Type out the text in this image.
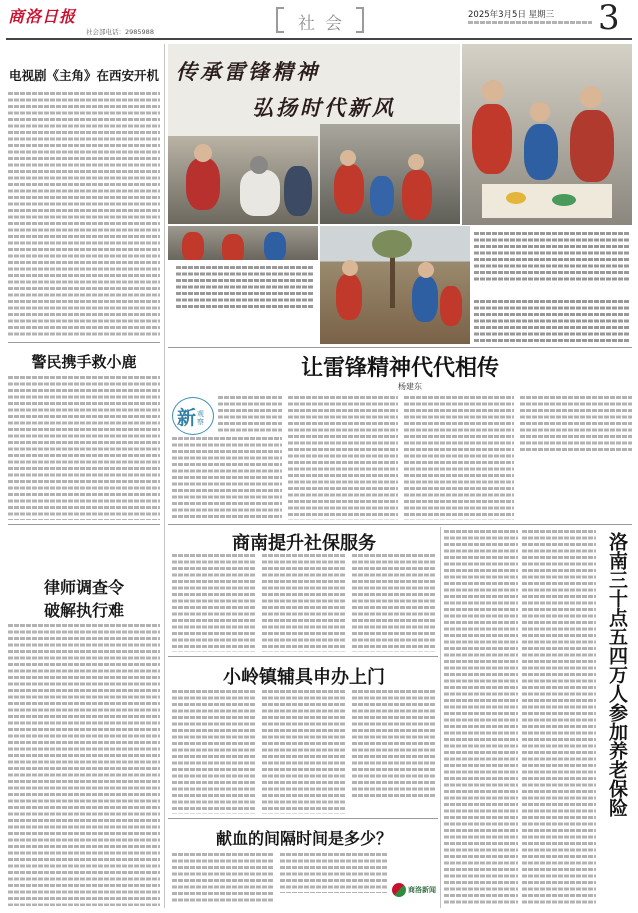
商洛日报
社会部电话：2985988	社会	2025年3月5日 星期三 3
电视剧《主角》在西安开机
警民携手救小鹿
律师调查令
破解执行难
传承雷锋精神
弘扬时代新风
让雷锋精神代代相传
杨建东
新 观察
商南提升社保服务
小岭镇辅具申办上门
献血的间隔时间是多少？
商洛新闻
洛南三十点五四万人参加养老保险
